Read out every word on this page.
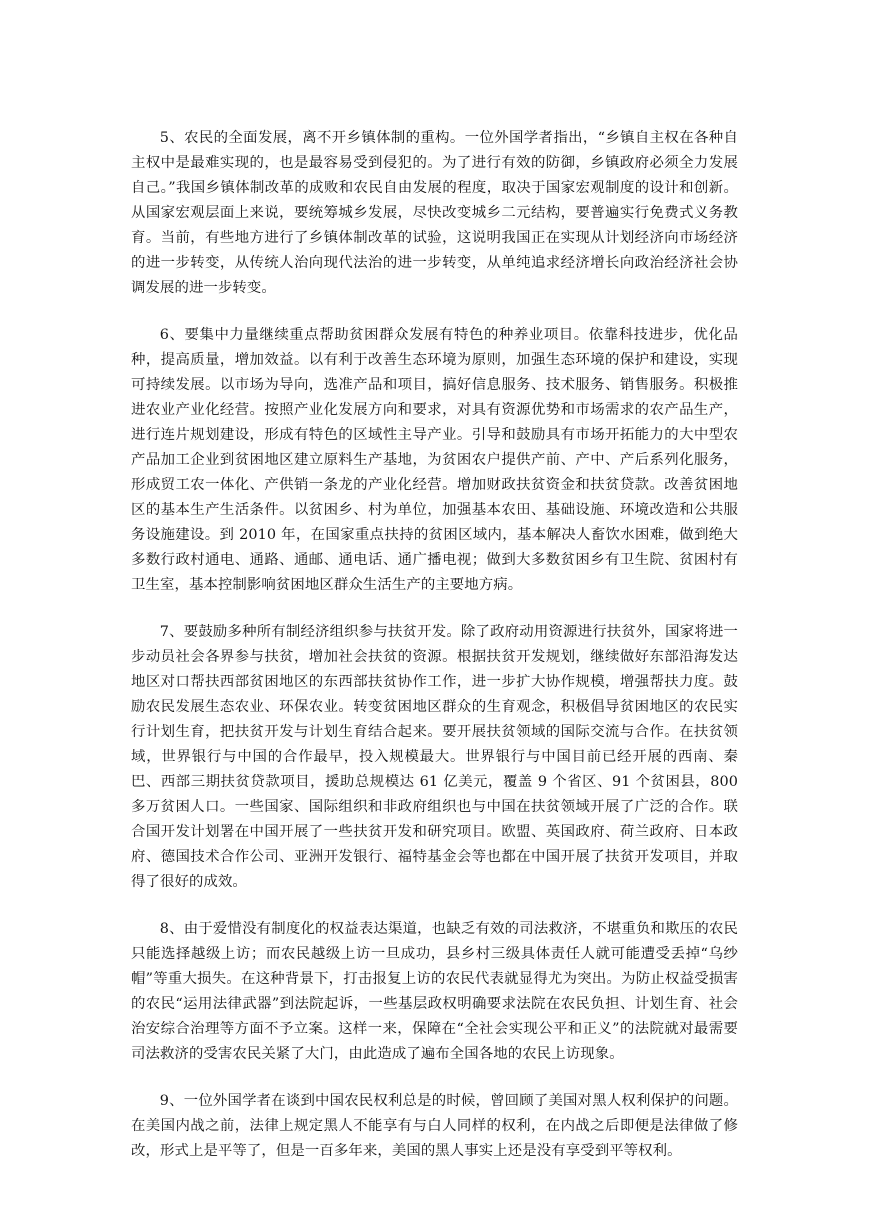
5、农民的全面发展，离不开乡镇体制的重构。一位外国学者指出，“乡镇自主权在各种自主权中是最难实现的，也是最容易受到侵犯的。为了进行有效的防御，乡镇政府必须全力发展自己。”我国乡镇体制改革的成败和农民自由发展的程度，取决于国家宏观制度的设计和创新。从国家宏观层面上来说，要统筹城乡发展，尽快改变城乡二元结构，要普遍实行免费式义务教育。当前，有些地方进行了乡镇体制改革的试验，这说明我国正在实现从计划经济向市场经济的进一步转变，从传统人治向现代法治的进一步转变，从单纯追求经济增长向政治经济社会协调发展的进一步转变。

6、要集中力量继续重点帮助贫困群众发展有特色的种养业项目。依靠科技进步，优化品种，提高质量，增加效益。以有利于改善生态环境为原则，加强生态环境的保护和建设，实现可持续发展。以市场为导向，选准产品和项目，搞好信息服务、技术服务、销售服务。积极推进农业产业化经营。按照产业化发展方向和要求，对具有资源优势和市场需求的农产品生产，进行连片规划建设，形成有特色的区域性主导产业。引导和鼓励具有市场开拓能力的大中型农产品加工企业到贫困地区建立原料生产基地，为贫困农户提供产前、产中、产后系列化服务，形成贸工农一体化、产供销一条龙的产业化经营。增加财政扶贫资金和扶贫贷款。改善贫困地区的基本生产生活条件。以贫困乡、村为单位，加强基本农田、基础设施、环境改造和公共服务设施建设。到 2010 年，在国家重点扶持的贫困区域内，基本解决人畜饮水困难，做到绝大多数行政村通电、通路、通邮、通电话、通广播电视；做到大多数贫困乡有卫生院、贫困村有卫生室，基本控制影响贫困地区群众生活生产的主要地方病。

7、要鼓励多种所有制经济组织参与扶贫开发。除了政府动用资源进行扶贫外，国家将进一步动员社会各界参与扶贫，增加社会扶贫的资源。根据扶贫开发规划，继续做好东部沿海发达地区对口帮扶西部贫困地区的东西部扶贫协作工作，进一步扩大协作规模，增强帮扶力度。鼓励农民发展生态农业、环保农业。转变贫困地区群众的生育观念，积极倡导贫困地区的农民实行计划生育，把扶贫开发与计划生育结合起来。要开展扶贫领域的国际交流与合作。在扶贫领域，世界银行与中国的合作最早，投入规模最大。世界银行与中国目前已经开展的西南、秦巴、西部三期扶贫贷款项目，援助总规模达 61 亿美元，覆盖 9 个省区、91 个贫困县，800 多万贫困人口。一些国家、国际组织和非政府组织也与中国在扶贫领域开展了广泛的合作。联合国开发计划署在中国开展了一些扶贫开发和研究项目。欧盟、英国政府、荷兰政府、日本政府、德国技术合作公司、亚洲开发银行、福特基金会等也都在中国开展了扶贫开发项目，并取得了很好的成效。

8、由于爱惜没有制度化的权益表达渠道，也缺乏有效的司法救济，不堪重负和欺压的农民只能选择越级上访；而农民越级上访一旦成功，县乡村三级具体责任人就可能遭受丢掉“乌纱帽”等重大损失。在这种背景下，打击报复上访的农民代表就显得尤为突出。为防止权益受损害的农民“运用法律武器”到法院起诉，一些基层政权明确要求法院在农民负担、计划生育、社会治安综合治理等方面不予立案。这样一来，保障在“全社会实现公平和正义”的法院就对最需要司法救济的受害农民关紧了大门，由此造成了遍布全国各地的农民上访现象。

9、一位外国学者在谈到中国农民权利总是的时候，曾回顾了美国对黑人权利保护的问题。在美国内战之前，法律上规定黑人不能享有与白人同样的权利，在内战之后即便是法律做了修改，形式上是平等了，但是一百多年来，美国的黑人事实上还是没有享受到平等权利。
